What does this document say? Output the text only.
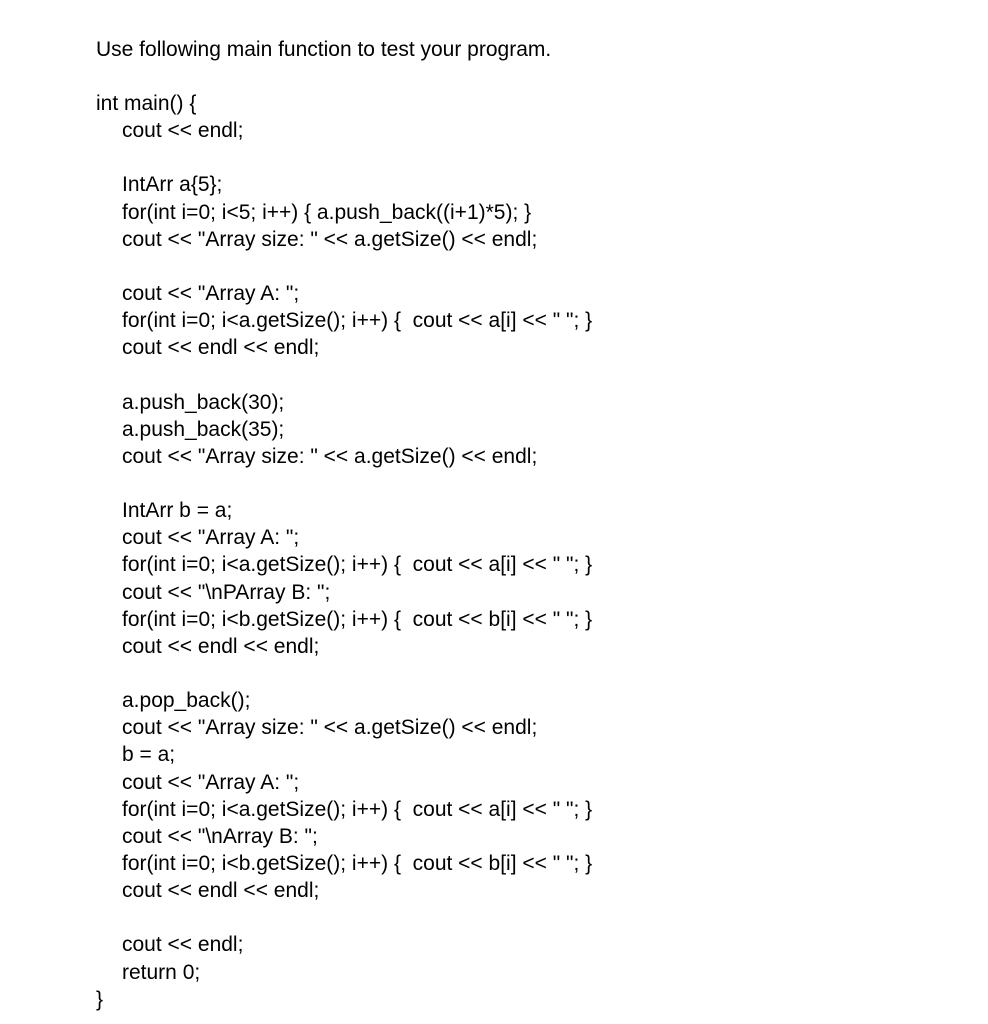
Use following main function to test your program.

int main() {
cout << endl;
IntArr a{5};
for(int i=0; i<5; i++) { a.push_back((i+1)*5); }
cout << "Array size: " << a.getSize() << endl;
cout << "Array A: ";
for(int i=0; i<a.getSize(); i++) {  cout << a[i] << " "; }
cout << endl << endl;
a.push_back(30);
a.push_back(35);
cout << "Array size: " << a.getSize() << endl;
IntArr b = a;
cout << "Array A: ";
for(int i=0; i<a.getSize(); i++) {  cout << a[i] << " "; }
cout << "\nPArray B: ";
for(int i=0; i<b.getSize(); i++) {  cout << b[i] << " "; }
cout << endl << endl;
a.pop_back();
cout << "Array size: " << a.getSize() << endl;
b = a;
cout << "Array A: ";
for(int i=0; i<a.getSize(); i++) {  cout << a[i] << " "; }
cout << "\nArray B: ";
for(int i=0; i<b.getSize(); i++) {  cout << b[i] << " "; }
cout << endl << endl;
cout << endl;
return 0;
}
